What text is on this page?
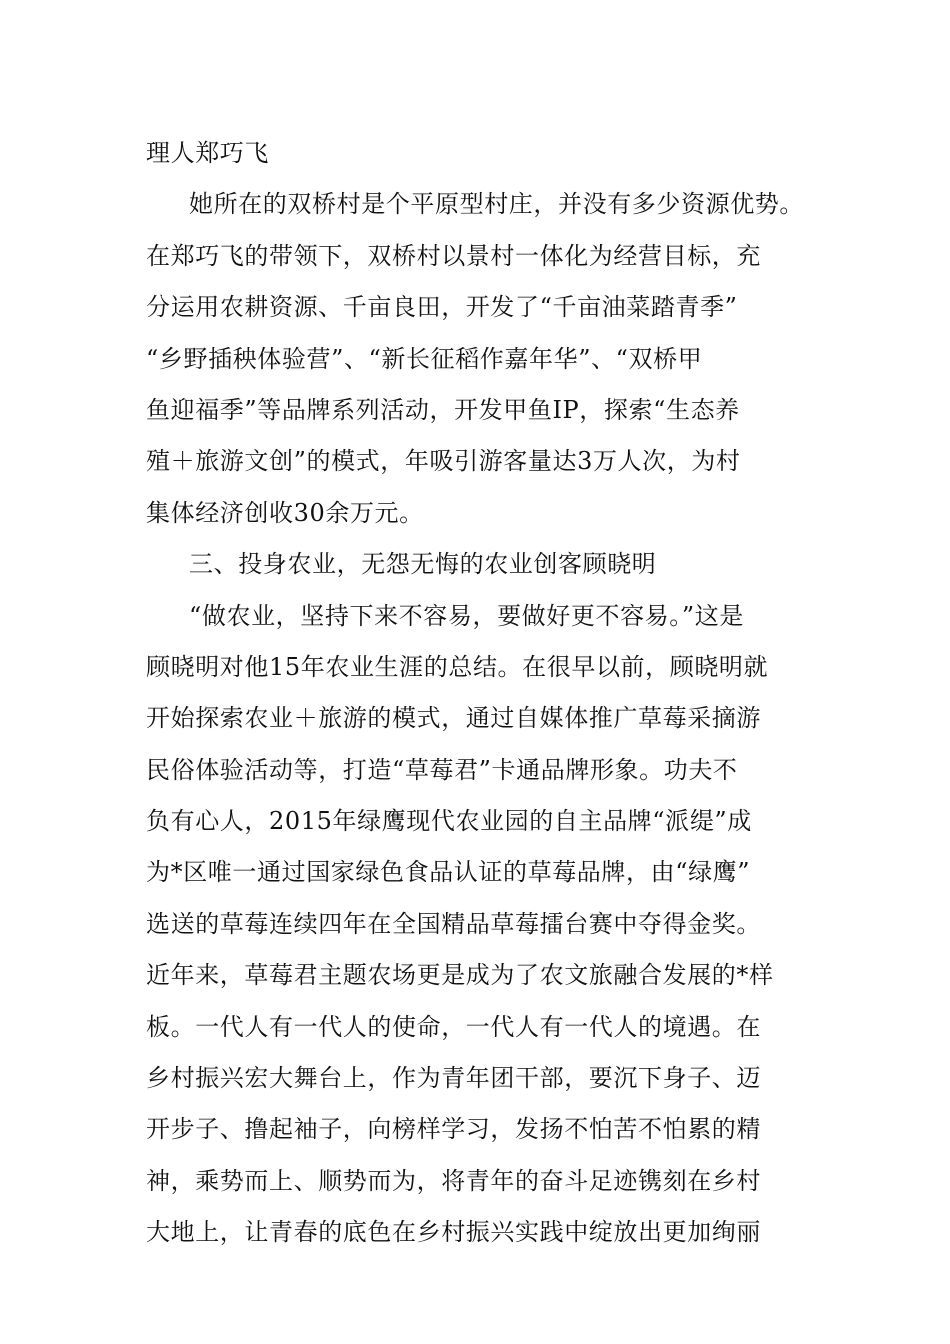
理人郑巧飞
她所在的双桥村是个平原型村庄，并没有多少资源优势。
在郑巧飞的带领下，双桥村以景村一体化为经营目标，充
分运用农耕资源、千亩良田，开发了“千亩油菜踏青季”
“乡野插秧体验营”、“新长征稻作嘉年华”、“双桥甲
鱼迎福季”等品牌系列活动，开发甲鱼IP，探索“生态养
殖＋旅游文创”的模式，年吸引游客量达3万人次，为村
集体经济创收30余万元。
三、投身农业，无怨无悔的农业创客顾晓明
“做农业，坚持下来不容易，要做好更不容易。”这是
顾晓明对他15年农业生涯的总结。在很早以前，顾晓明就
开始探索农业＋旅游的模式，通过自媒体推广草莓采摘游
民俗体验活动等，打造“草莓君”卡通品牌形象。功夫不
负有心人，2015年绿鹰现代农业园的自主品牌“派缇”成
为*区唯一通过国家绿色食品认证的草莓品牌，由“绿鹰”
选送的草莓连续四年在全国精品草莓擂台赛中夺得金奖。
近年来，草莓君主题农场更是成为了农文旅融合发展的*样
板。一代人有一代人的使命，一代人有一代人的境遇。在
乡村振兴宏大舞台上，作为青年团干部，要沉下身子、迈
开步子、撸起袖子，向榜样学习，发扬不怕苦不怕累的精
神，乘势而上、顺势而为，将青年的奋斗足迹镌刻在乡村
大地上，让青春的底色在乡村振兴实践中绽放出更加绚丽
